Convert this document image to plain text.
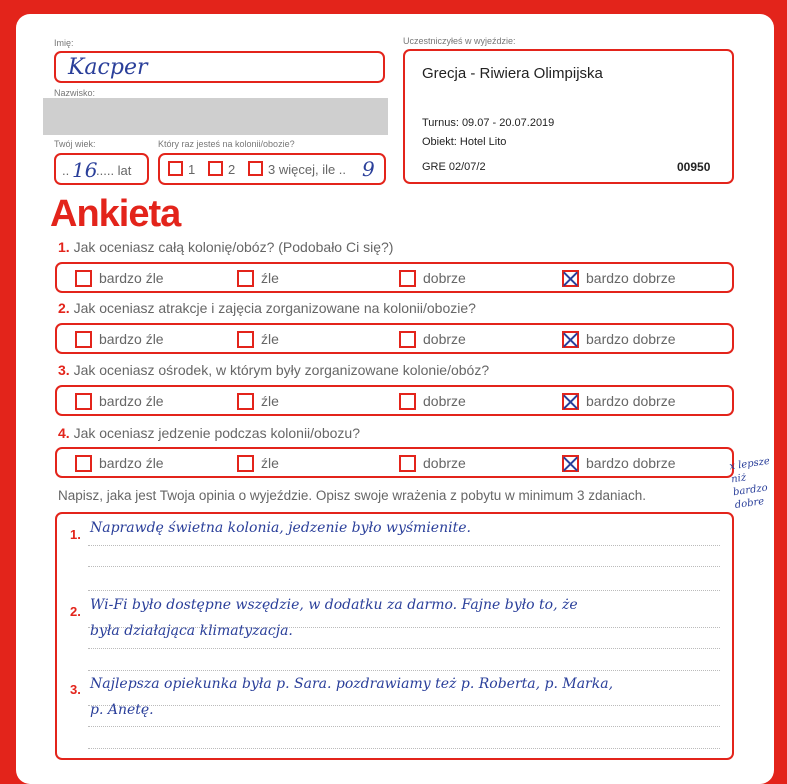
Imię:
Kacper
Nazwisko:
Twój wiek:
.. 16
..... lat
Który raz jesteś na kolonii/obozie?
1	2	3 więcej, ile .. 9
Uczestniczyłeś w wyjeździe:
Grecja - Riwiera Olimpijska
Turnus: 09.07 - 20.07.2019
Obiekt: Hotel Lito
GRE 02/07/2	00950
Ankieta
1. Jak oceniasz całą kolonię/obóz? (Podobało Ci się?)
bardzo źle	źle	dobrze	bardzo dobrze
2. Jak oceniasz atrakcje i zajęcia zorganizowane na kolonii/obozie?
bardzo źle	źle	dobrze	bardzo dobrze
3. Jak oceniasz ośrodek, w którym były zorganizowane kolonie/obóz?
bardzo źle	źle	dobrze	bardzo dobrze
4. Jak oceniasz jedzenie podczas kolonii/obozu?
bardzo źle	źle	dobrze	bardzo dobrze	x lepsze niż bardzo dobre
Napisz, jaka jest Twoja opinia o wyjeździe. Opisz swoje wrażenia z pobytu w minimum 3 zdaniach.
1. Naprawdę świetna kolonia, jedzenie było wyśmienite.
2. Wi-Fi było dostępne wszędzie, w dodatku za darmo. Fajne było to, że
była działająca klimatyzacja.
3. Najlepsza opiekunka była p. Sara. pozdrawiamy też p. Roberta, p. Marka,
p. Anetę.
